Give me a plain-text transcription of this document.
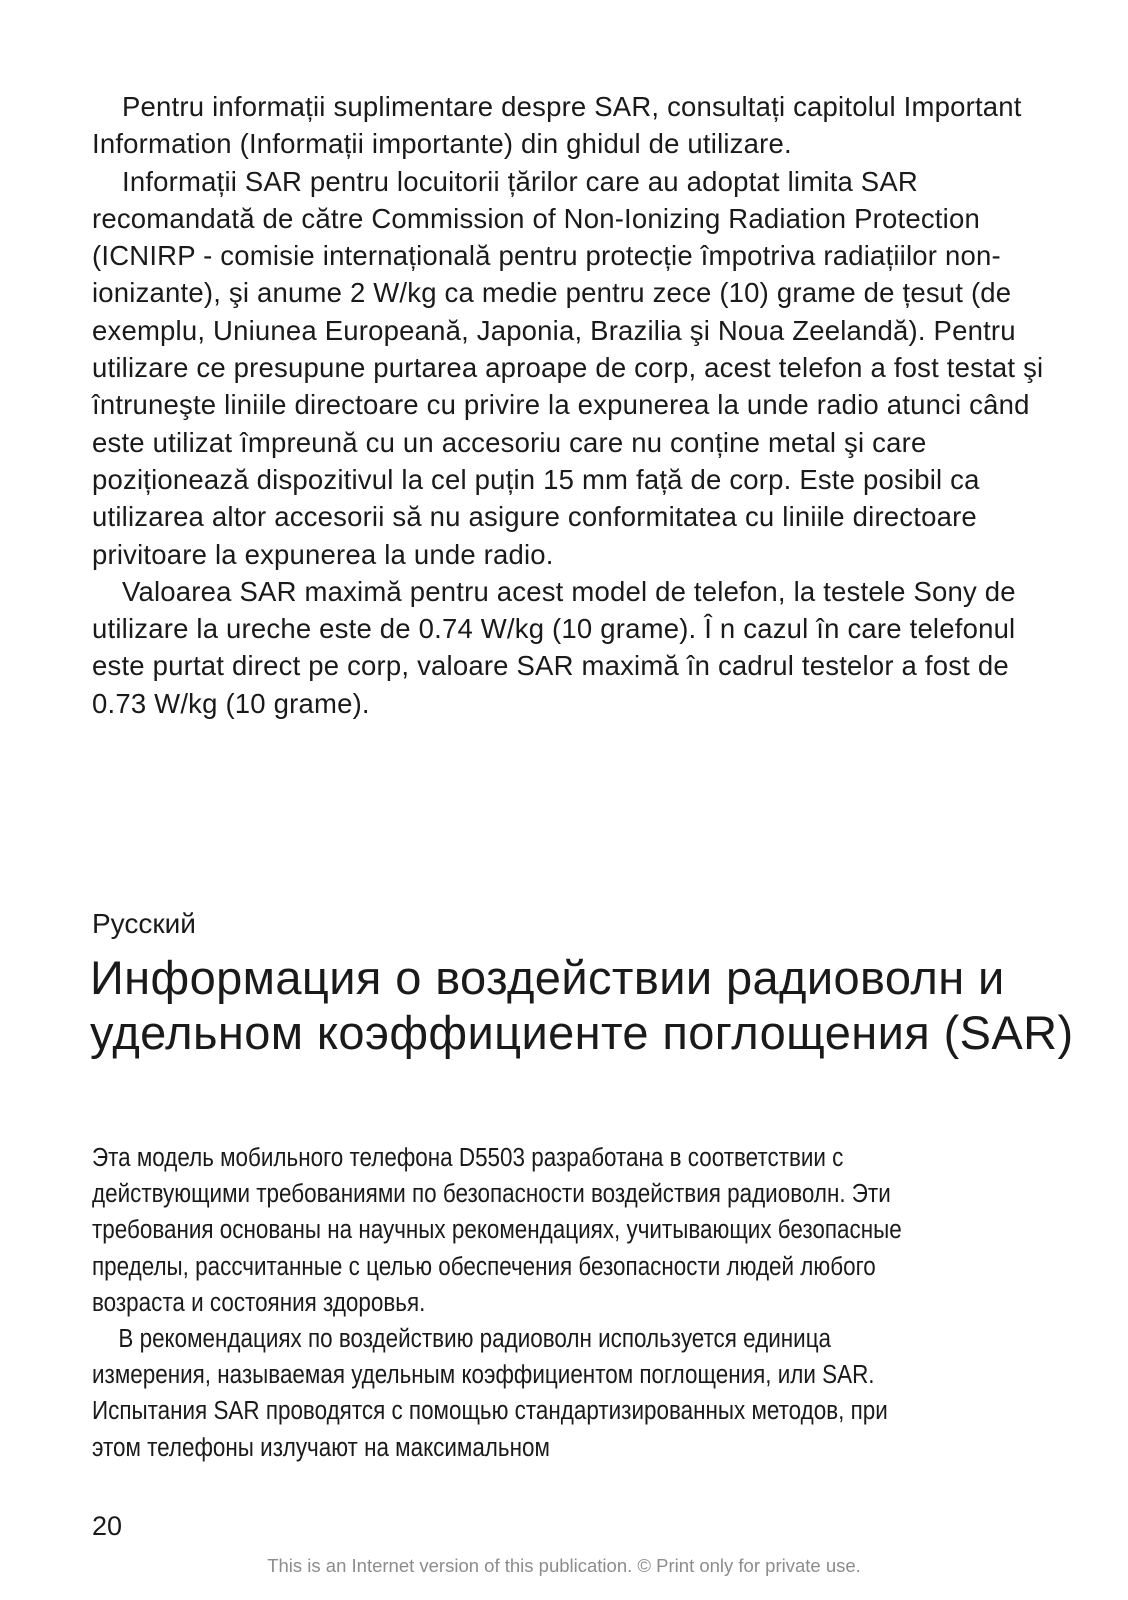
Pentru informații suplimentare despre SAR, consultați capitolul Important Information (Informații importante) din ghidul de utilizare.

Informații SAR pentru locuitorii țărilor care au adoptat limita SAR recomandată de către Commission of Non-Ionizing Radiation Protection (ICNIRP - comisie internațională pentru protecție împotriva radiațiilor non-ionizante), şi anume 2 W/kg ca medie pentru zece (10) grame de țesut (de exemplu, Uniunea Europeană, Japonia, Brazilia şi Noua Zeelandă). Pentru utilizare ce presupune purtarea aproape de corp, acest telefon a fost testat şi întruneşte liniile directoare cu privire la expunerea la unde radio atunci când este utilizat împreună cu un accesoriu care nu conține metal şi care poziționează dispozitivul la cel puțin 15 mm față de corp. Este posibil ca utilizarea altor accesorii să nu asigure conformitatea cu liniile directoare privitoare la expunerea la unde radio.

Valoarea SAR maximă pentru acest model de telefon, la testele Sony de utilizare la ureche este de 0.74 W/kg (10 grame). Î n cazul în care telefonul este purtat direct pe corp, valoare SAR maximă în cadrul testelor a fost de 0.73 W/kg (10 grame).

Русский
Информация о воздействии радиоволн и удельном коэффициенте поглощения (SAR)

Эта модель мобильного телефона D5503 разработана в соответствии с действующими требованиями по безопасности воздействия радиоволн. Эти требования основаны на научных рекомендациях, учитывающих безопасные пределы, рассчитанные с целью обеспечения безопасности людей любого возраста и состояния здоровья.

В рекомендациях по воздействию радиоволн используется единица измерения, называемая удельным коэффициентом поглощения, или SAR. Испытания SAR проводятся с помощью стандартизированных методов, при этом телефоны излучают на максимальном

20
This is an Internet version of this publication. © Print only for private use.
